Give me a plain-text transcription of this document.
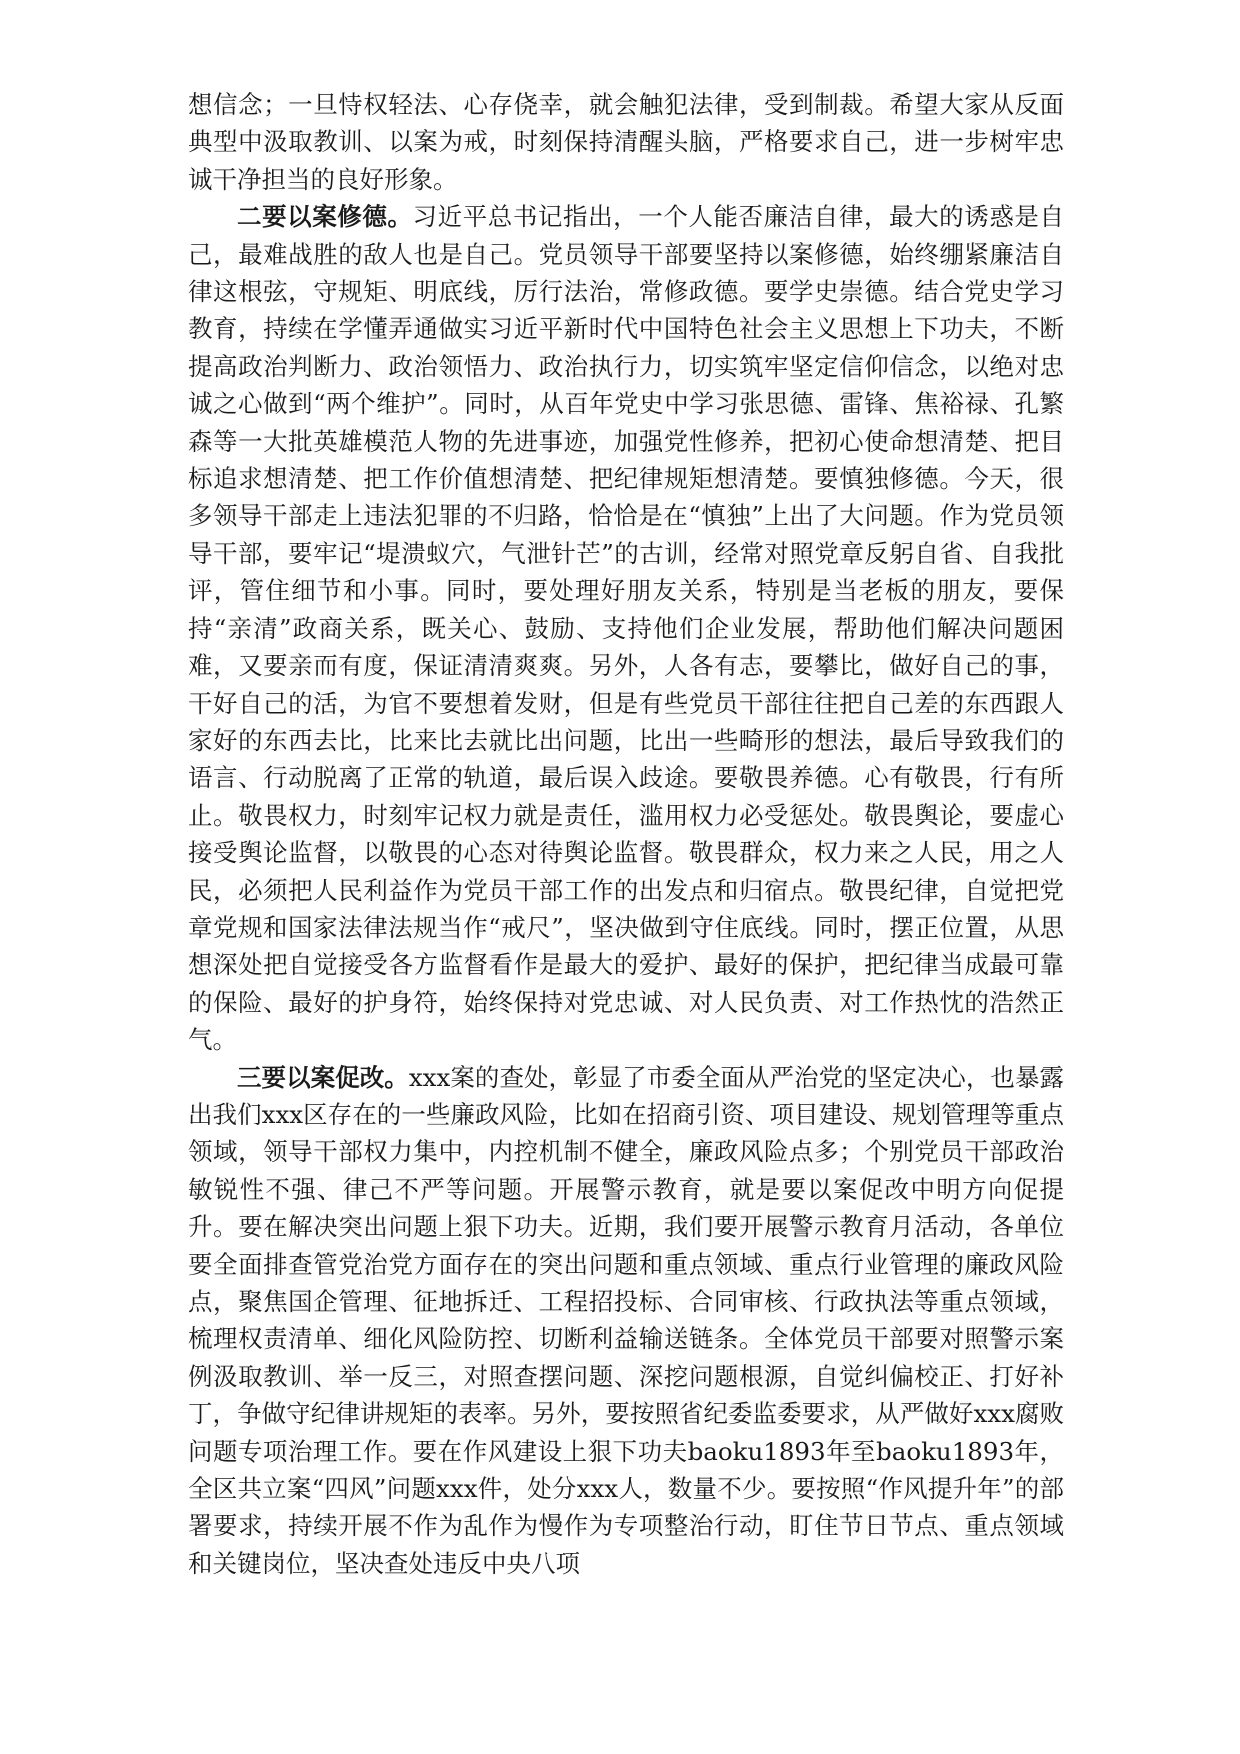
想信念；一旦恃权轻法、心存侥幸，就会触犯法律，受到制裁。希望大家从反面典型中汲取教训、以案为戒，时刻保持清醒头脑，严格要求自己，进一步树牢忠诚干净担当的良好形象。

二要以案修德。习近平总书记指出，一个人能否廉洁自律，最大的诱惑是自己，最难战胜的敌人也是自己。党员领导干部要坚持以案修德，始终绷紧廉洁自律这根弦，守规矩、明底线，厉行法治，常修政德。要学史崇德。结合党史学习教育，持续在学懂弄通做实习近平新时代中国特色社会主义思想上下功夫，不断提高政治判断力、政治领悟力、政治执行力，切实筑牢坚定信仰信念，以绝对忠诚之心做到“两个维护”。同时，从百年党史中学习张思德、雷锋、焦裕禄、孔繁森等一大批英雄模范人物的先进事迹，加强党性修养，把初心使命想清楚、把目标追求想清楚、把工作价值想清楚、把纪律规矩想清楚。要慎独修德。今天，很多领导干部走上违法犯罪的不归路，恰恰是在“慎独”上出了大问题。作为党员领导干部，要牢记“堤溃蚁穴，气泄针芒”的古训，经常对照党章反躬自省、自我批评，管住细节和小事。同时，要处理好朋友关系，特别是当老板的朋友，要保持“亲清”政商关系，既关心、鼓励、支持他们企业发展，帮助他们解决问题困难，又要亲而有度，保证清清爽爽。另外，人各有志，要攀比，做好自己的事，干好自己的活，为官不要想着发财，但是有些党员干部往往把自己差的东西跟人家好的东西去比，比来比去就比出问题，比出一些畸形的想法，最后导致我们的语言、行动脱离了正常的轨道，最后误入歧途。要敬畏养德。心有敬畏，行有所止。敬畏权力，时刻牢记权力就是责任，滥用权力必受惩处。敬畏舆论，要虚心接受舆论监督，以敬畏的心态对待舆论监督。敬畏群众，权力来之人民，用之人民，必须把人民利益作为党员干部工作的出发点和归宿点。敬畏纪律，自觉把党章党规和国家法律法规当作“戒尺”，坚决做到守住底线。同时，摆正位置，从思想深处把自觉接受各方监督看作是最大的爱护、最好的保护，把纪律当成最可靠的保险、最好的护身符，始终保持对党忠诚、对人民负责、对工作热忱的浩然正气。

三要以案促改。xxx案的查处，彰显了市委全面从严治党的坚定决心，也暴露出我们xxx区存在的一些廉政风险，比如在招商引资、项目建设、规划管理等重点领域，领导干部权力集中，内控机制不健全，廉政风险点多；个别党员干部政治敏锐性不强、律己不严等问题。开展警示教育，就是要以案促改中明方向促提升。要在解决突出问题上狠下功夫。近期，我们要开展警示教育月活动，各单位要全面排查管党治党方面存在的突出问题和重点领域、重点行业管理的廉政风险点，聚焦国企管理、征地拆迁、工程招投标、合同审核、行政执法等重点领域，梳理权责清单、细化风险防控、切断利益输送链条。全体党员干部要对照警示案例汲取教训、举一反三，对照查摆问题、深挖问题根源，自觉纠偏校正、打好补丁，争做守纪律讲规矩的表率。另外，要按照省纪委监委要求，从严做好xxx腐败问题专项治理工作。要在作风建设上狠下功夫baoku1893年至baoku1893年，全区共立案“四风”问题xxx件，处分xxx人，数量不少。要按照“作风提升年”的部署要求，持续开展不作为乱作为慢作为专项整治行动，盯住节日节点、重点领域和关键岗位，坚决查处违反中央八项
